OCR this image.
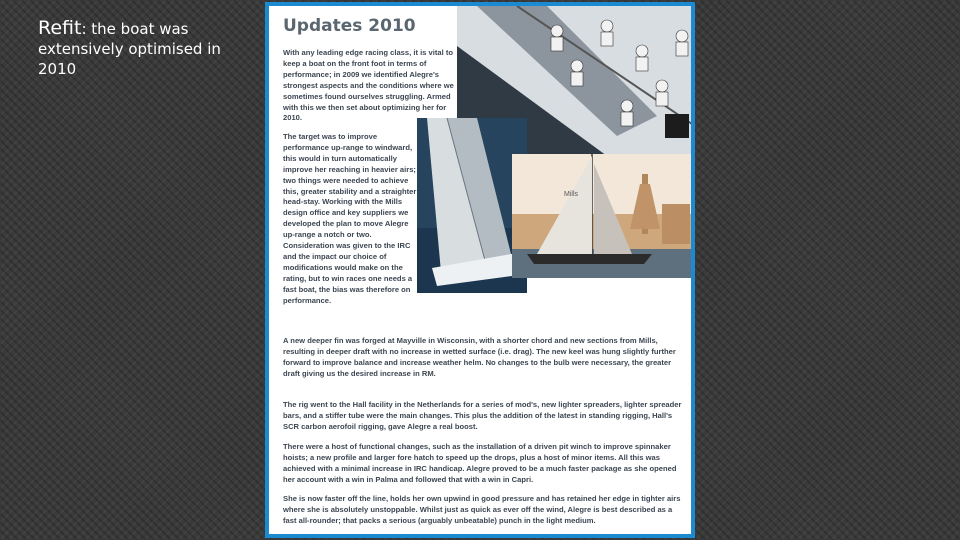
Refit: the boat was extensively optimised in 2010
Updates 2010

With any leading edge racing class, it is vital to keep a boat on the front foot in terms of performance; in 2009 we identified Alegre's strongest aspects and the conditions where we sometimes found ourselves struggling. Armed with this we then set about optimizing her for 2010.

The target was to improve performance up-range to windward, this would in turn automatically improve her reaching in heavier airs; two things were needed to achieve this, greater stability and a straighter head-stay. Working with the Mills design office and key suppliers we developed the plan to move Alegre up-range a notch or two. Consideration was given to the IRC and the impact our choice of modifications would make on the rating, but to win races one needs a fast boat, the bias was therefore on performance.

A new deeper fin was forged at Mayville in Wisconsin, with a shorter chord and new sections from Mills, resulting in deeper draft with no increase in wetted surface (i.e. drag). The new keel was hung slightly further forward to improve balance and increase weather helm. No changes to the bulb were necessary, the greater draft giving us the desired increase in RM.

The rig went to the Hall facility in the Netherlands for a series of mod's, new lighter spreaders, lighter spreader bars, and a stiffer tube were the main changes. This plus the addition of the latest in standing rigging, Hall's SCR carbon aerofoil rigging, gave Alegre a real boost.

There were a host of functional changes, such as the installation of a driven pit winch to improve spinnaker hoists; a new profile and larger fore hatch to speed up the drops, plus a host of minor items. All this was achieved with a minimal increase in IRC handicap. Alegre proved to be a much faster package as she opened her account with a win in Palma and followed that with a win in Capri.

She is now faster off the line, holds her own upwind in good pressure and has retained her edge in tighter airs where she is absolutely unstoppable. Whilst just as quick as ever off the wind, Alegre is best described as a fast all-rounder; that packs a serious (arguably unbeatable) punch in the light medium.

Mills
